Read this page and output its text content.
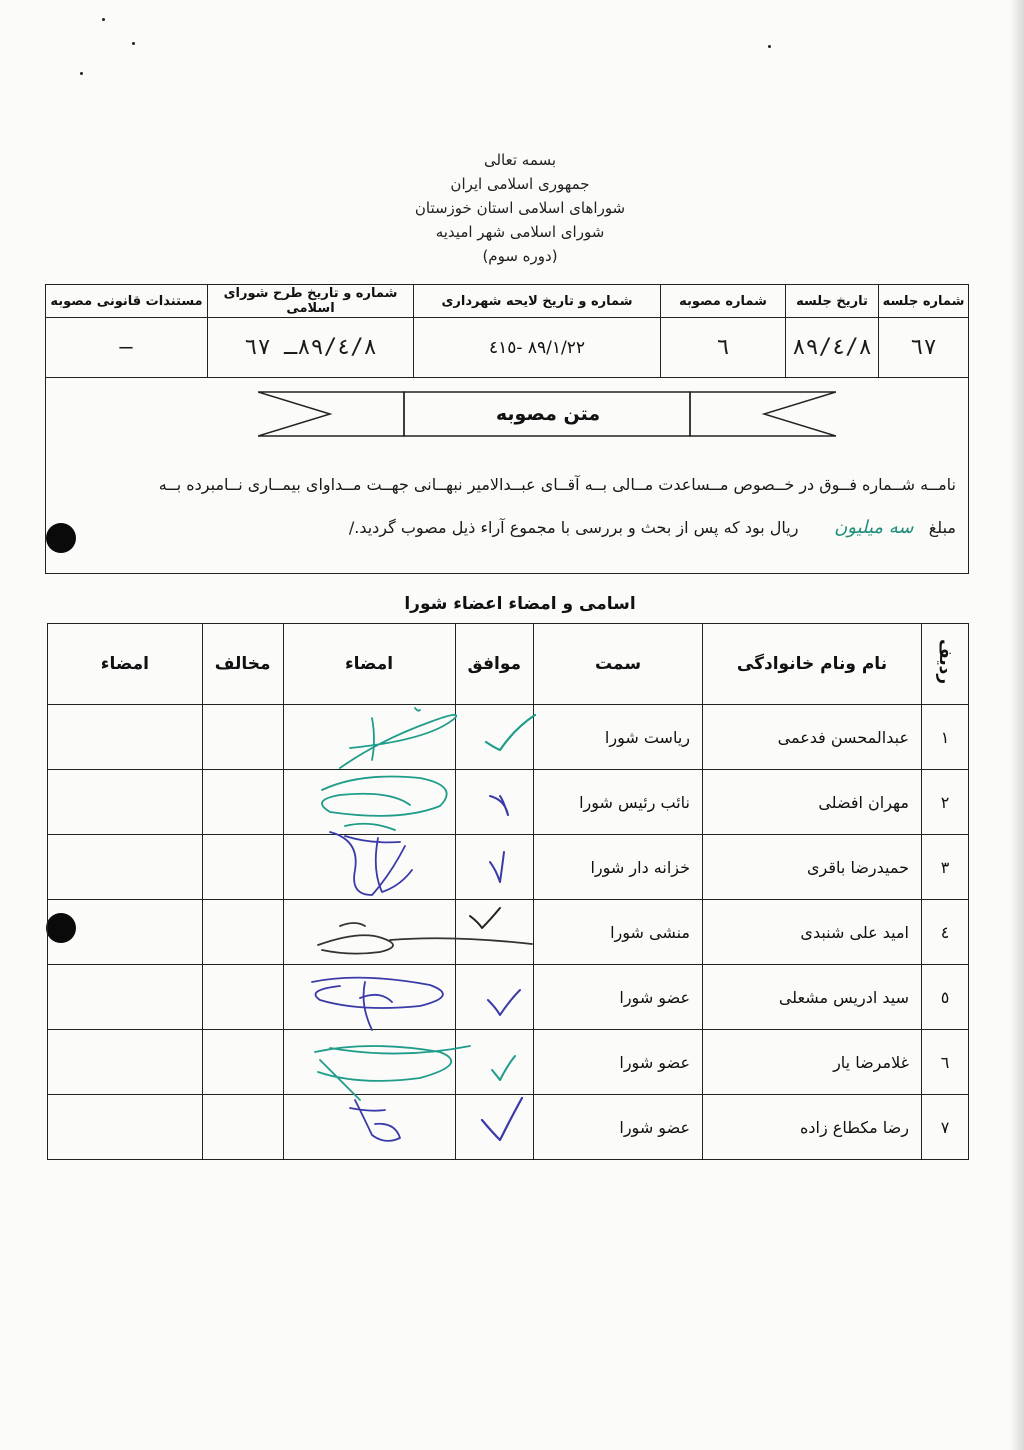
بسمه تعالی
جمهوری اسلامی ایران
شوراهای اسلامی استان خوزستان
شورای اسلامی شهر امیدیه
(دوره سوم)
شماره جلسه	تاریخ جلسه	شماره مصوبه	شماره و تاریخ لایحه شهرداری	شماره و تاریخ طرح شورای اسلامی	مستندات قانونی مصوبه
٦٧	٨٩/٤/٨	٦	٨٩/١/٢٢ -٤١٥	٨٩/٤/٨ـ ٦٧	—
متن مصوبه
نامــه شــماره فــوق در خــصوص مــساعدت مــالی بــه آقــای عبــدالامیر نبهــانی جهــت مــداوای بیمــاری نــامبرده بــه
مبلغ   سه میلیون       ریال بود که پس از بحث و بررسی با مجموع آراء ذیل مصوب گردید./
اسامی و امضاء اعضاء شورا
ردیف	نام ونام خانوادگی	سمت	موافق	امضاء	مخالف	امضاء
١	عبدالمحسن فدعمی	ریاست شورا				
٢	مهران افضلی	نائب رئیس شورا				
٣	حمیدرضا باقری	خزانه دار شورا				
٤	امید علی شنبدی	منشی شورا				
٥	سید ادریس مشعلی	عضو شورا				
٦	غلامرضا یار	عضو شورا				
٧	رضا مکطاع زاده	عضو شورا				
